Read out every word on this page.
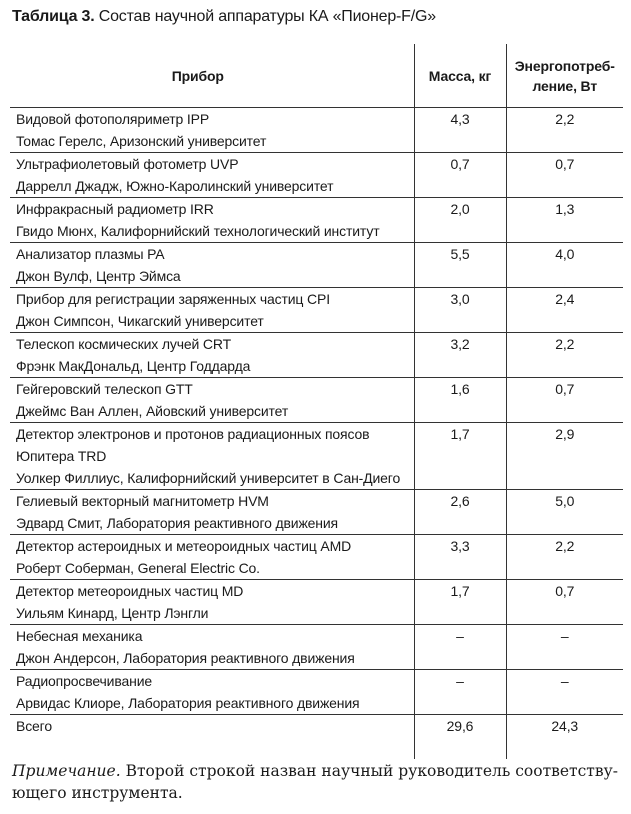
Таблица 3. Состав научной аппаратуры КА «Пионер-F/G»
Прибор	Масса, кг	Энергопотреб-
ление, Вт

Видовой фотополяриметр IPP
Томас Герелс, Аризонский университет	4,3	2,2

Ультрафиолетовый фотометр UVP
Даррелл Джадж, Южно-Каролинский университет	0,7	0,7

Инфракрасный радиометр IRR
Гвидо Мюнх, Калифорнийский технологический институт	2,0	1,3

Анализатор плазмы PA
Джон Вулф, Центр Эймса	5,5	4,0

Прибор для регистрации заряженных частиц CPI
Джон Симпсон, Чикагский университет	3,0	2,4

Телескоп космических лучей CRT
Фрэнк МакДональд, Центр Годдарда	3,2	2,2

Гейгеровский телескоп GTT
Джеймс Ван Аллен, Айовский университет	1,6	0,7

Детектор электронов и протонов радиационных поясов
Юпитера TRD
Уолкер Филлиус, Калифорнийский университет в Сан-Диего	1,7	2,9

Гелиевый векторный магнитометр HVM
Эдвард Смит, Лаборатория реактивного движения	2,6	5,0

Детектор астероидных и метеороидных частиц AMD
Роберт Соберман, General Electric Co.	3,3	2,2

Детектор метеороидных частиц MD
Уильям Кинард, Центр Лэнгли	1,7	0,7

Небесная механика
Джон Андерсон, Лаборатория реактивного движения	–	–

Радиопросвечивание
Арвидас Клиоре, Лаборатория реактивного движения	–	–
Всего	29,6	24,3
Примечание. Второй строкой назван научный руководитель соответству-ющего инструмента.
